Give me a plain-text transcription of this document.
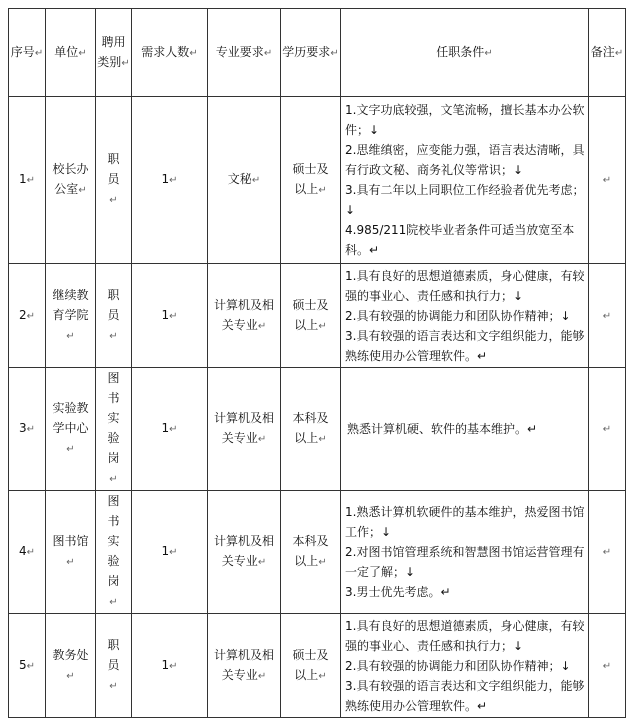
序号↵	单位↵	聘用类别↵	需求人数↵	专业要求↵	学历要求↵	任职条件↵	备注↵
1↵	校长办公室↵	职员↵	1↵	文秘↵	硕士及以上↵	1.文字功底较强，文笔流畅，擅长基本办公软件；↓
2.思维缜密，应变能力强，语言表达清晰，具有行政文秘、商务礼仪等常识；↓
3.具有二年以上同职位工作经验者优先考虑；↓
4.985/211院校毕业者条件可适当放宽至本科。↵	↵
2↵	继续教育学院↵	职员↵	1↵	计算机及相关专业↵	硕士及以上↵	1.具有良好的思想道德素质，身心健康，有较强的事业心、责任感和执行力；↓
2.具有较强的协调能力和团队协作精神；↓
3.具有较强的语言表达和文字组织能力，能够熟练使用办公管理软件。↵	↵
3↵	实验教学中心↵	图书实验岗↵	1↵	计算机及相关专业↵	本科及以上↵	熟悉计算机硬、软件的基本维护。↵	↵
4↵	图书馆↵	图书实验岗↵	1↵	计算机及相关专业↵	本科及以上↵	1.熟悉计算机软硬件的基本维护，热爱图书馆工作；↓
2.对图书馆管理系统和智慧图书馆运营管理有一定了解；↓
3.男士优先考虑。↵	↵
5↵	教务处↵	职员↵	1↵	计算机及相关专业↵	硕士及以上↵	1.具有良好的思想道德素质，身心健康，有较强的事业心、责任感和执行力；↓
2.具有较强的协调能力和团队协作精神；↓
3.具有较强的语言表达和文字组织能力，能够熟练使用办公管理软件。↵	↵
